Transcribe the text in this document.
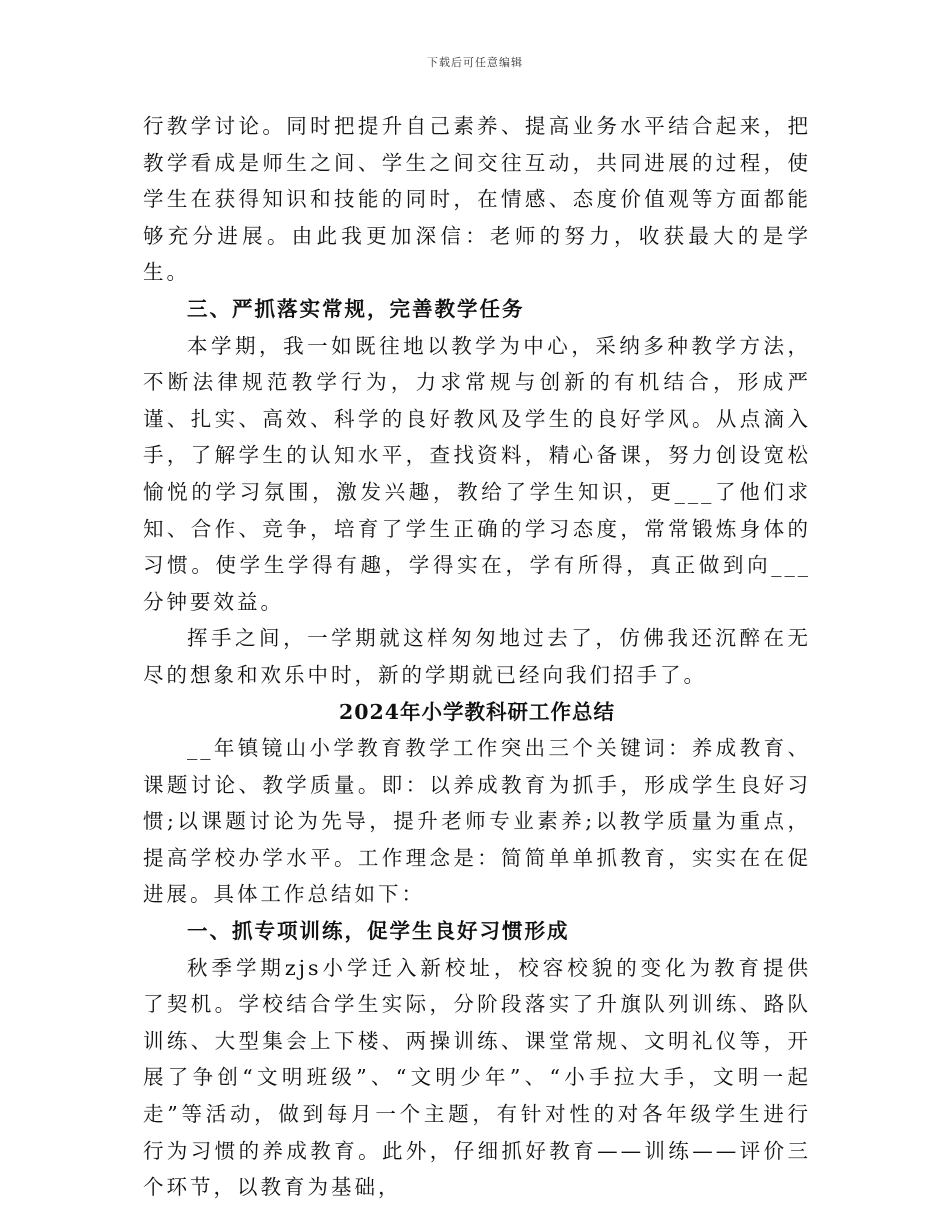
下载后可任意编辑

行教学讨论。同时把提升自己素养、提高业务水平结合起来，把教学看成是师生之间、学生之间交往互动，共同进展的过程，使学生在获得知识和技能的同时，在情感、态度价值观等方面都能够充分进展。由此我更加深信：老师的努力，收获最大的是学生。

三、严抓落实常规，完善教学任务

本学期，我一如既往地以教学为中心，采纳多种教学方法，不断法律规范教学行为，力求常规与创新的有机结合，形成严谨、扎实、高效、科学的良好教风及学生的良好学风。从点滴入手，了解学生的认知水平，查找资料，精心备课，努力创设宽松愉悦的学习氛围，激发兴趣，教给了学生知识，更___了他们求知、合作、竞争，培育了学生正确的学习态度，常常锻炼身体的习惯。使学生学得有趣，学得实在，学有所得，真正做到向___分钟要效益。

挥手之间，一学期就这样匆匆地过去了，仿佛我还沉醉在无尽的想象和欢乐中时，新的学期就已经向我们招手了。

2024年小学教科研工作总结

__年镇镜山小学教育教学工作突出三个关键词：养成教育、课题讨论、教学质量。即：以养成教育为抓手，形成学生良好习惯;以课题讨论为先导，提升老师专业素养;以教学质量为重点，提高学校办学水平。工作理念是：简简单单抓教育，实实在在促进展。具体工作总结如下：

一、抓专项训练，促学生良好习惯形成

秋季学期zjs小学迁入新校址，校容校貌的变化为教育提供了契机。学校结合学生实际，分阶段落实了升旗队列训练、路队训练、大型集会上下楼、两操训练、课堂常规、文明礼仪等，开展了争创“文明班级”、“文明少年”、“小手拉大手，文明一起走”等活动，做到每月一个主题，有针对性的对各年级学生进行行为习惯的养成教育。此外，仔细抓好教育——训练——评价三个环节，以教育为基础，
